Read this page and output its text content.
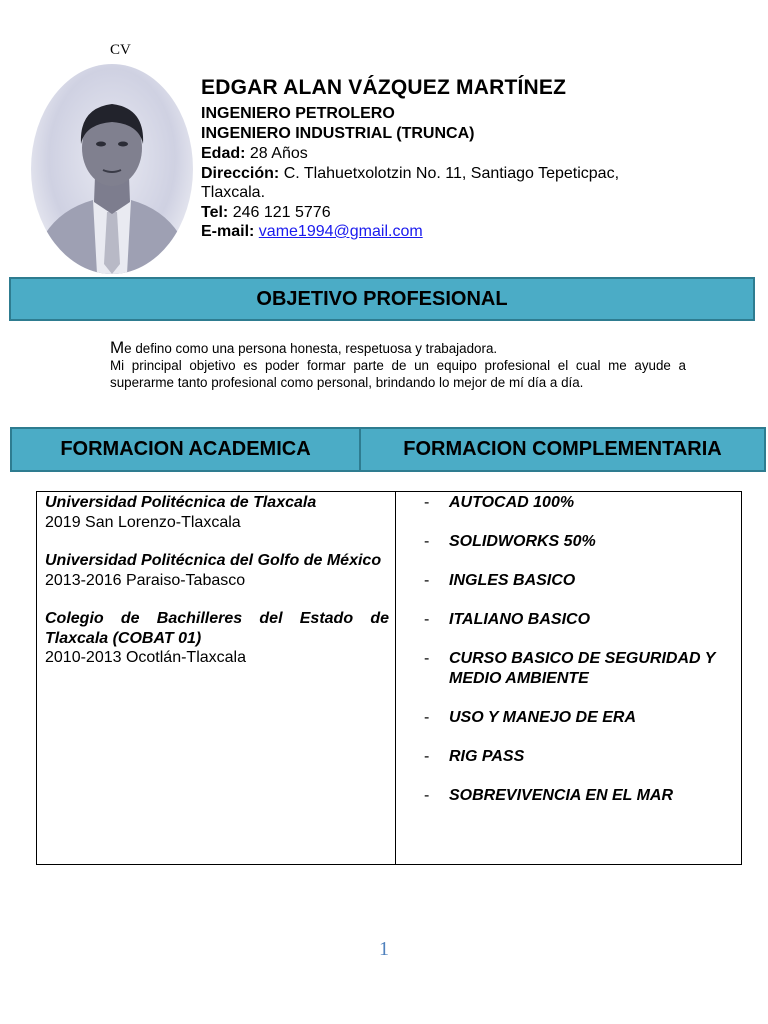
CV
EDGAR ALAN VÁZQUEZ MARTÍNEZ
INGENIERO PETROLERO
INGENIERO INDUSTRIAL (TRUNCA)
Edad: 28 Años
Dirección: C. Tlahuetxolotzin No. 11, Santiago Tepeticpac,
Tlaxcala.
Tel: 246 121 5776
E-mail: vame1994@gmail.com
OBJETIVO PROFESIONAL
Me defino como una persona honesta, respetuosa y trabajadora.
Mi principal objetivo es poder formar parte de un equipo profesional el cual me ayude a superarme tanto profesional como personal, brindando lo mejor de mí día a día.
FORMACION ACADEMICA	FORMACION COMPLEMENTARIA
Universidad Politécnica de Tlaxcala
2019 San Lorenzo-Tlaxcala
Universidad Politécnica del Golfo de México
2013-2016 Paraiso-Tabasco
Colegio de Bachilleres del Estado de Tlaxcala (COBAT 01)
2010-2013 Ocotlán-Tlaxcala
-	AUTOCAD 100%
-	SOLIDWORKS 50%
-	INGLES BASICO
-	ITALIANO BASICO
-	CURSO BASICO DE SEGURIDAD Y MEDIO AMBIENTE
-	USO Y MANEJO DE ERA
-	RIG PASS
-	SOBREVIVENCIA EN EL MAR
1
